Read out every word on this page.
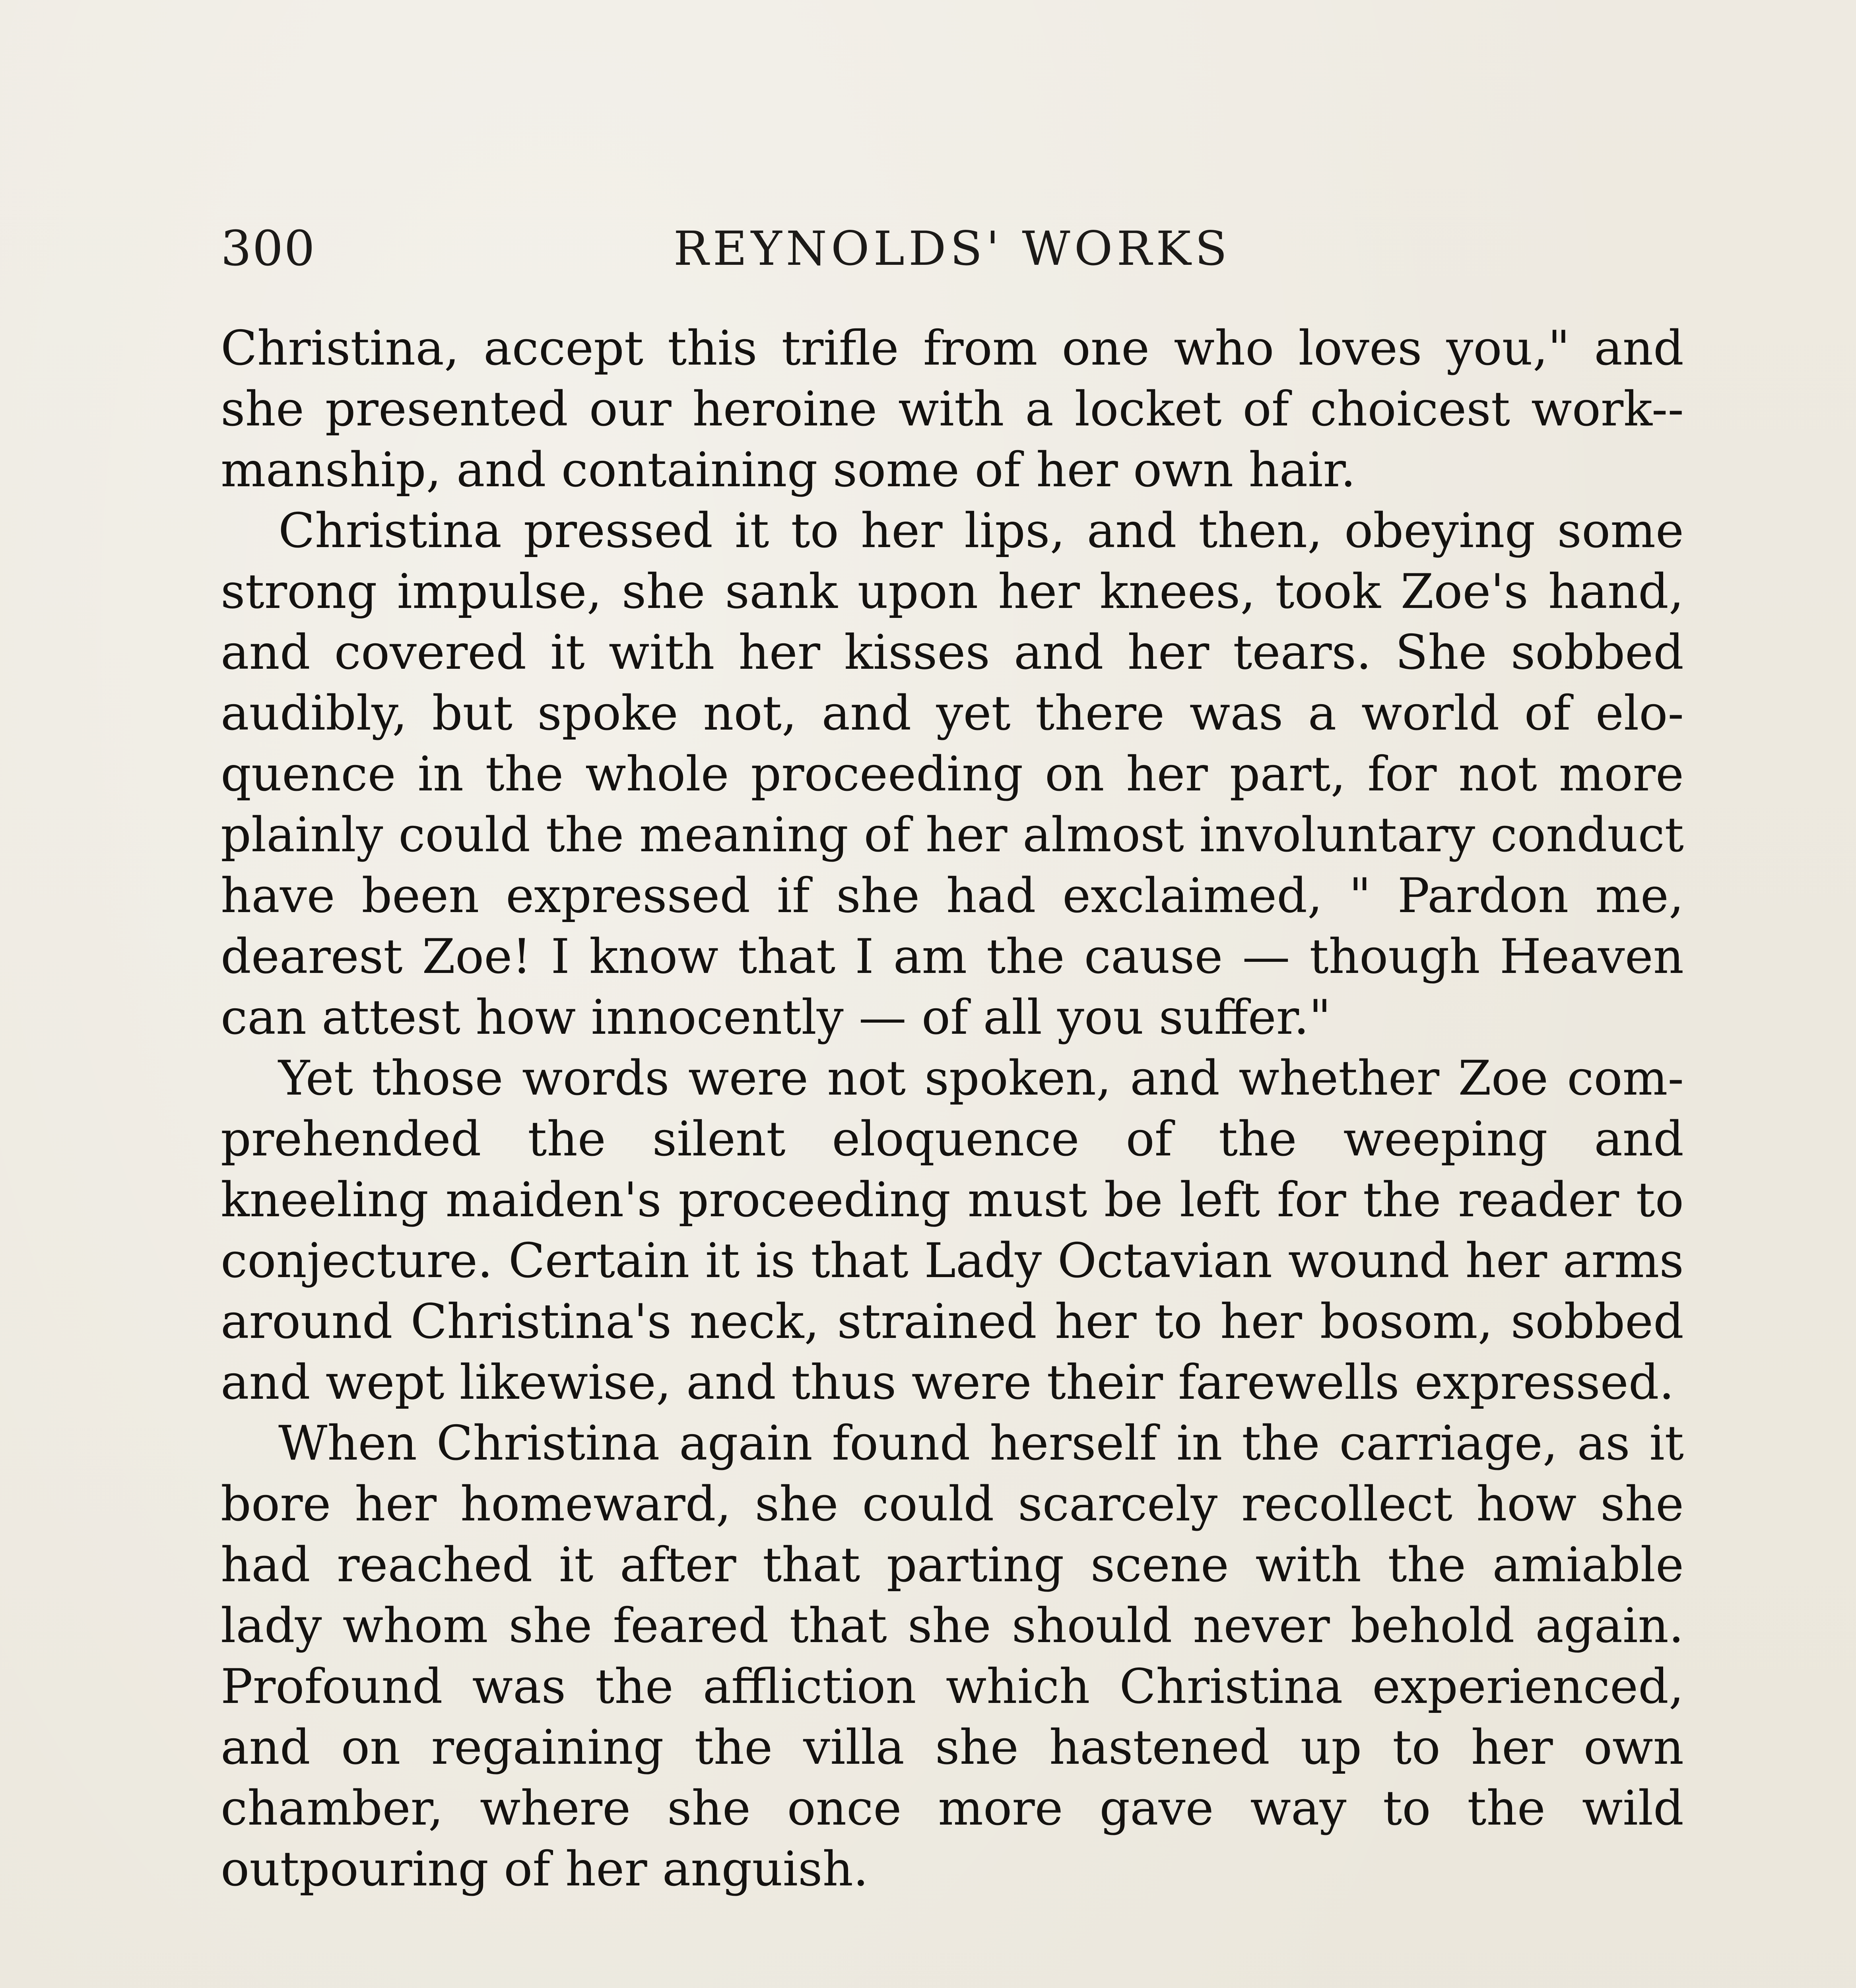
300	REYNOLDS' WORKS

Christina, accept this trifle from one who loves you," and she presented our heroine with a locket of choicest work-manship, and containing some of her own hair.

Christina pressed it to her lips, and then, obeying some strong impulse, she sank upon her knees, took Zoe's hand, and covered it with her kisses and her tears. She sobbed audibly, but spoke not, and yet there was a world of eloquence in the whole proceeding on her part, for not more plainly could the meaning of her almost involuntary conduct have been expressed if she had exclaimed, " Pardon me, dearest Zoe! I know that I am the cause — though Heaven can attest how innocently — of all you suffer."

Yet those words were not spoken, and whether Zoe comprehended the silent eloquence of the weeping and kneeling maiden's proceeding must be left for the reader to conjecture. Certain it is that Lady Octavian wound her arms around Christina's neck, strained her to her bosom, sobbed and wept likewise, and thus were their farewells expressed.

When Christina again found herself in the carriage, as it bore her homeward, she could scarcely recollect how she had reached it after that parting scene with the amiable lady whom she feared that she should never behold again. Profound was the affliction which Christina experienced, and on regaining the villa she hastened up to her own chamber, where she once more gave way to the wild outpouring of her anguish.
